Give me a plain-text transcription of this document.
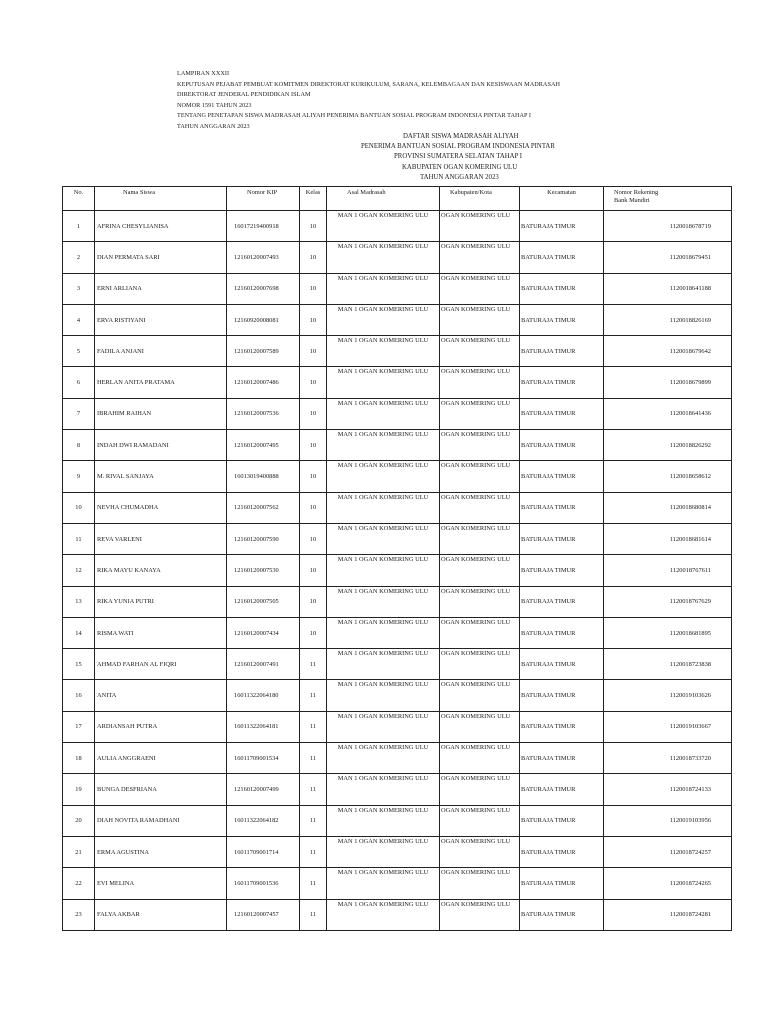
LAMPIRAN XXXII
KEPUTUSAN PEJABAT PEMBUAT KOMITMEN DIREKTORAT KURIKULUM, SARANA, KELEMBAGAAN DAN KESISWAAN MADRASAH
DIREKTORAT JENDERAL PENDIDIKAN ISLAM
NOMOR 1591 TAHUN 2023
TENTANG PENETAPAN SISWA MADRASAH ALIYAH PENERIMA BANTUAN SOSIAL PROGRAM INDONESIA PINTAR TAHAP I
TAHUN ANGGARAN 2023
DAFTAR SISWA MADRASAH ALIYAH
PENERIMA BANTUAN SOSIAL PROGRAM INDONESIA PINTAR
PROVINSI SUMATERA SELATAN TAHAP I
KABUPATEN OGAN KOMERING ULU
TAHUN ANGGARAN 2023
No.	Nama Siswa	Nomor KIP	Kelas	Asal Madrasah	Kabupaten/Kota	Kecamatan	Nomor Rekening
Bank Mandiri

1	AFRINA CHESYLIANISA	16017219400918	10	MAN 1 OGAN KOMERING ULU	OGAN KOMERING ULU	BATURAJA TIMUR	1120018678719
2	DIAN PERMATA SARI	12160120007493	10	MAN 1 OGAN KOMERING ULU	OGAN KOMERING ULU	BATURAJA TIMUR	1120018679451
3	ERNI ARLIANA	12160120007698	10	MAN 1 OGAN KOMERING ULU	OGAN KOMERING ULU	BATURAJA TIMUR	1120018641188
4	ERVA RISTIYANI	12160920008081	10	MAN 1 OGAN KOMERING ULU	OGAN KOMERING ULU	BATURAJA TIMUR	1120018826169
5	FADILA ANJANI	12160120007589	10	MAN 1 OGAN KOMERING ULU	OGAN KOMERING ULU	BATURAJA TIMUR	1120018679642
6	HERLAN ANITA PRATAMA	12160120007486	10	MAN 1 OGAN KOMERING ULU	OGAN KOMERING ULU	BATURAJA TIMUR	1120018679899
7	IBRAHIM RAIHAN	12160120007536	10	MAN 1 OGAN KOMERING ULU	OGAN KOMERING ULU	BATURAJA TIMUR	1120018641436
8	INDAH DWI RAMADANI	12160120007495	10	MAN 1 OGAN KOMERING ULU	OGAN KOMERING ULU	BATURAJA TIMUR	1120018826292
9	M. RIVAL SANJAYA	16013019400888	10	MAN 1 OGAN KOMERING ULU	OGAN KOMERING ULU	BATURAJA TIMUR	1120018658612
10	NEVHA CHUMADHA	12160120007562	10	MAN 1 OGAN KOMERING ULU	OGAN KOMERING ULU	BATURAJA TIMUR	1120018680814
11	REVA VARLENI	12160120007590	10	MAN 1 OGAN KOMERING ULU	OGAN KOMERING ULU	BATURAJA TIMUR	1120018681614
12	RIKA MAYU KANAYA	12160120007530	10	MAN 1 OGAN KOMERING ULU	OGAN KOMERING ULU	BATURAJA TIMUR	1120018767611
13	RIKA YUNIA PUTRI	12160120007505	10	MAN 1 OGAN KOMERING ULU	OGAN KOMERING ULU	BATURAJA TIMUR	1120018767629
14	RISMA WATI	12160120007434	10	MAN 1 OGAN KOMERING ULU	OGAN KOMERING ULU	BATURAJA TIMUR	1120018681895
15	AHMAD FARHAN AL FIQRI	12160120007491	11	MAN 1 OGAN KOMERING ULU	OGAN KOMERING ULU	BATURAJA TIMUR	1120018723838
16	ANITA	16011322064180	11	MAN 1 OGAN KOMERING ULU	OGAN KOMERING ULU	BATURAJA TIMUR	1120019103626
17	ARDIANSAH PUTRA	16011322064181	11	MAN 1 OGAN KOMERING ULU	OGAN KOMERING ULU	BATURAJA TIMUR	1120019103667
18	AULIA ANGGRAENI	16011709001534	11	MAN 1 OGAN KOMERING ULU	OGAN KOMERING ULU	BATURAJA TIMUR	1120018733720
19	BUNGA DESFRIANA	12160120007499	11	MAN 1 OGAN KOMERING ULU	OGAN KOMERING ULU	BATURAJA TIMUR	1120018724133
20	DIAH NOVITA RAMADHANI	16011322064182	11	MAN 1 OGAN KOMERING ULU	OGAN KOMERING ULU	BATURAJA TIMUR	1120019103956
21	ERMA AGUSTINA	16011709001714	11	MAN 1 OGAN KOMERING ULU	OGAN KOMERING ULU	BATURAJA TIMUR	1120018724257
22	EVI MELINA	16011709001536	11	MAN 1 OGAN KOMERING ULU	OGAN KOMERING ULU	BATURAJA TIMUR	1120018724265
23	FALYA AKBAR	12160120007457	11	MAN 1 OGAN KOMERING ULU	OGAN KOMERING ULU	BATURAJA TIMUR	1120018724281
